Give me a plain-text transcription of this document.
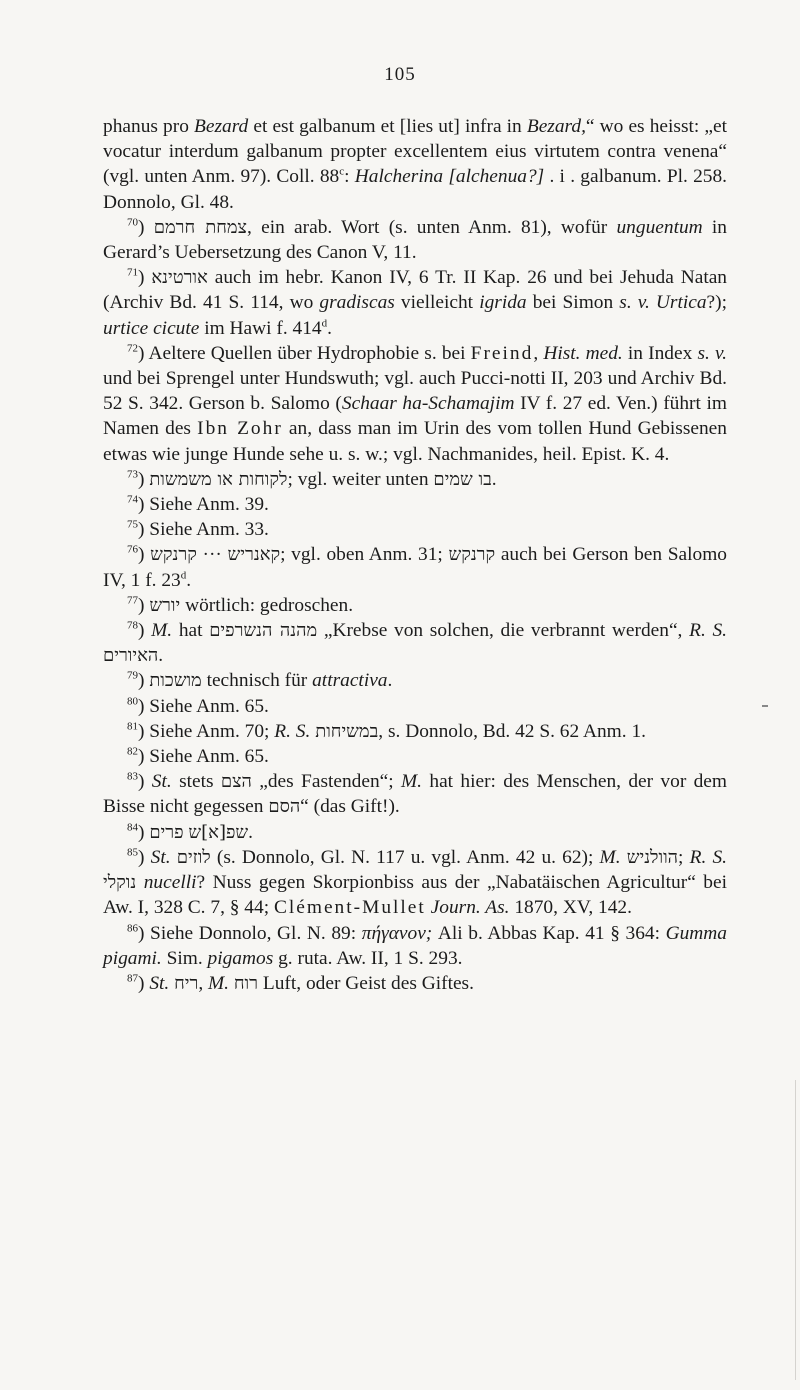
105

phanus pro Bezard et est galbanum et [lies ut] infra in Bezard,“ wo es heisst: „et vocatur interdum galbanum propter excellentem eius virtutem contra venena“ (vgl. unten Anm. 97). Coll. 88$^c$: Halcherina [alchenua?] . i . galbanum. Pl. 258. Donnolo, Gl. 48.

$^{70}$) צמחת חרמם, ein arab. Wort (s. unten Anm. 81), wofür unguentum in Gerard’s Uebersetzung des Canon V, 11.

$^{71}$) אורטינא auch im hebr. Kanon IV, 6 Tr. II Kap. 26 und bei Jehuda Natan (Archiv Bd. 41 S. 114, wo gradiscas vielleicht igrida bei Simon s. v. Urtica?); urtice cicute im Hawi f. 414$^d$.

$^{72}$) Aeltere Quellen über Hydrophobie s. bei Freind, Hist. med. in Index s. v. und bei Sprengel unter Hundswuth; vgl. auch Pucci-notti II, 203 und Archiv Bd. 52 S. 342. Gerson b. Salomo (Schaar ha-Schamajim IV f. 27 ed. Ven.) führt im Namen des Ibn Zohr an, dass man im Urin des vom tollen Hund Gebissenen etwas wie junge Hunde sehe u. s. w.; vgl. Nachmanides, heil. Epist. K. 4.

$^{73}$) לקוחות או משמשות; vgl. weiter unten בו שמים.

$^{74}$) Siehe Anm. 39.

$^{75}$) Siehe Anm. 33.

$^{76}$) קרנקש ··· קאנריש; vgl. oben Anm. 31; קרנקש auch bei Gerson ben Salomo IV, 1 f. 23$^d$.

$^{77}$) יורש wörtlich: gedroschen.

$^{78}$) M. hat מהנה הנשרפים „Krebse von solchen, die verbrannt werden“, R. S. האיורים.

$^{79}$) מושכות technisch für attractiva.

$^{80}$) Siehe Anm. 65.

$^{81}$) Siehe Anm. 70; R. S. במשיחות, s. Donnolo, Bd. 42 S. 62 Anm. 1.

$^{82}$) Siehe Anm. 65.

$^{83}$) St. stets הצם „des Fastenden“; M. hat hier: des Menschen, der vor dem Bisse nicht gegessen הסם“ (das Gift!).

$^{84}$) פרים שפ[א]ש.

$^{85}$) St. לוזים (s. Donnolo, Gl. N. 117 u. vgl. Anm. 42 u. 62); M. הוולניש; R. S. נוקלי nucelli? Nuss gegen Skorpionbiss aus der „Nabatäischen Agricultur“ bei Aw. I, 328 C. 7, § 44; Clément-Mullet Journ. As. 1870, XV, 142.

$^{86}$) Siehe Donnolo, Gl. N. 89: πήγανον; Ali b. Abbas Kap. 41 § 364: Gumma pigami. Sim. pigamos g. ruta. Aw. II, 1 S. 293.

$^{87}$) St. ריח, M. רוח Luft, oder Geist des Giftes.
